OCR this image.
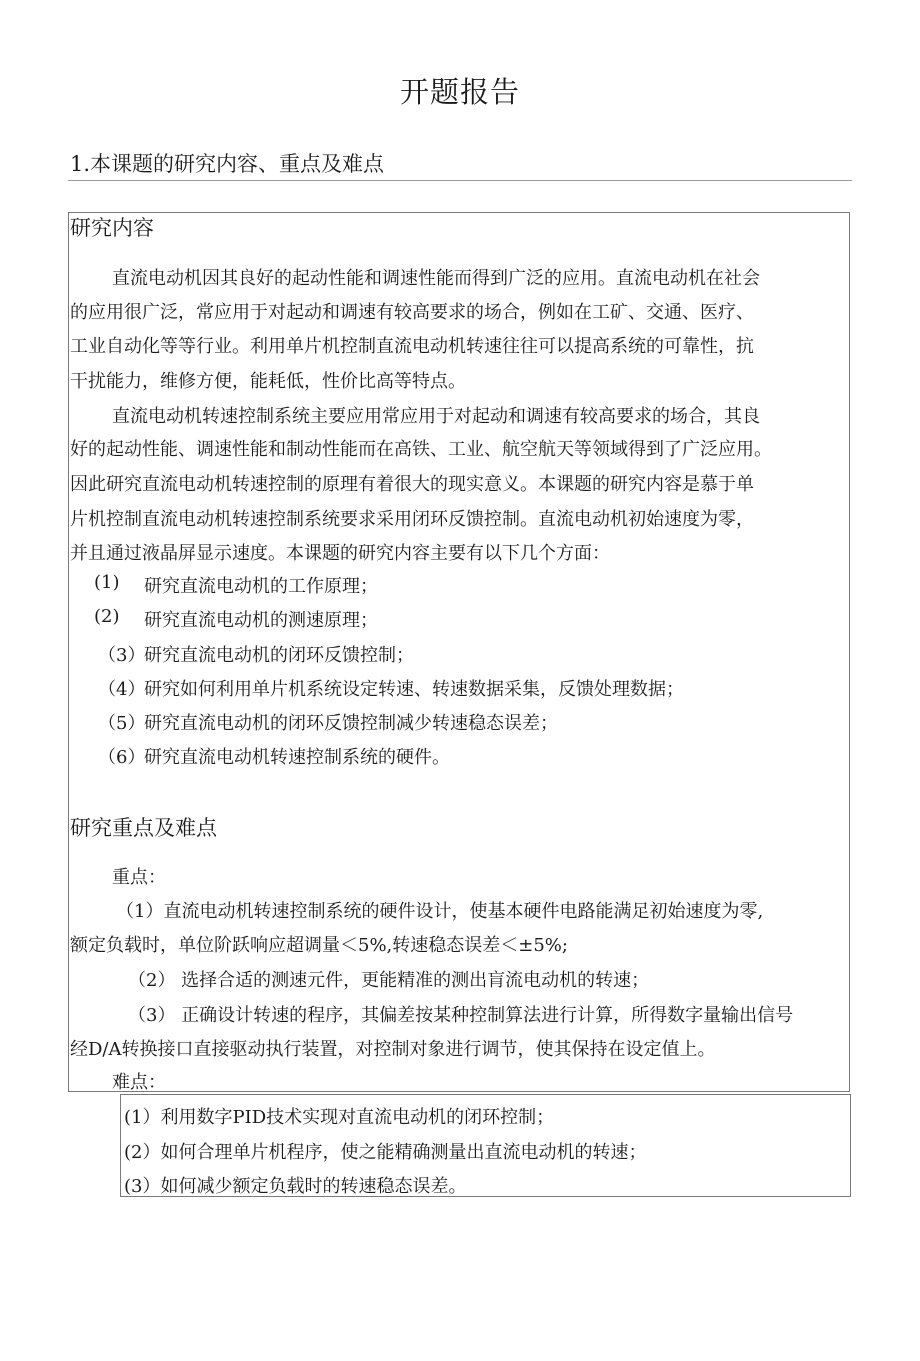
开题报告
1.本课题的研究内容、重点及难点
研究内容
直流电动机因其良好的起动性能和调速性能而得到广泛的应用。直流电动机在社会
的应用很广泛，常应用于对起动和调速有较高要求的场合，例如在工矿、交通、医疗、
工业自动化等等行业。利用单片机控制直流电动机转速往往可以提高系统的可靠性，抗
干扰能力，维修方便，能耗低，性价比高等特点。
直流电动机转速控制系统主要应用常应用于对起动和调速有较高要求的场合，其良
好的起动性能、调速性能和制动性能而在高铁、工业、航空航天等领域得到了广泛应用。
因此研究直流电动机转速控制的原理有着很大的现实意义。本课题的研究内容是慕于单
片机控制直流电动机转速控制系统要求采用闭环反馈控制。直流电动机初始速度为零，
并且通过液晶屏显示速度。本课题的研究内容主要有以下几个方面：
(1) 研究直流电动机的工作原理；
(2) 研究直流电动机的测速原理；
（3）
研究直流电动机的闭环反馈控制；
（4）
研究如何利用单片机系统设定转速、转速数据采集，反馈处理数据；
（5）
研究直流电动机的闭环反馈控制减少转速稳态误差；
（6）
研究直流电动机转速控制系统的硬件。
研究重点及难点
重点：
（1）直流电动机转速控制系统的硬件设计，使基本硬件电路能满足初始速度为零,
额定负载时，单位阶跃响应超调量＜5%,转速稳态误差＜±5%;
（2） 选择合适的测速元件，更能精准的测出肓流电动机的转速；
（3） 正确设计转速的程序，其偏差按某种控制算法进行计算，所得数字量输出信号
经D/A转换接口直接驱动执行装置，对控制对象进行调节，使其保持在设定值上。
难点：
(1）利用数字PID技术实现对直流电动机的闭环控制；
(2）如何合理单片机程序，使之能精确测量出直流电动机的转速；
(3）如何减少额定负载时的转速稳态误差。
